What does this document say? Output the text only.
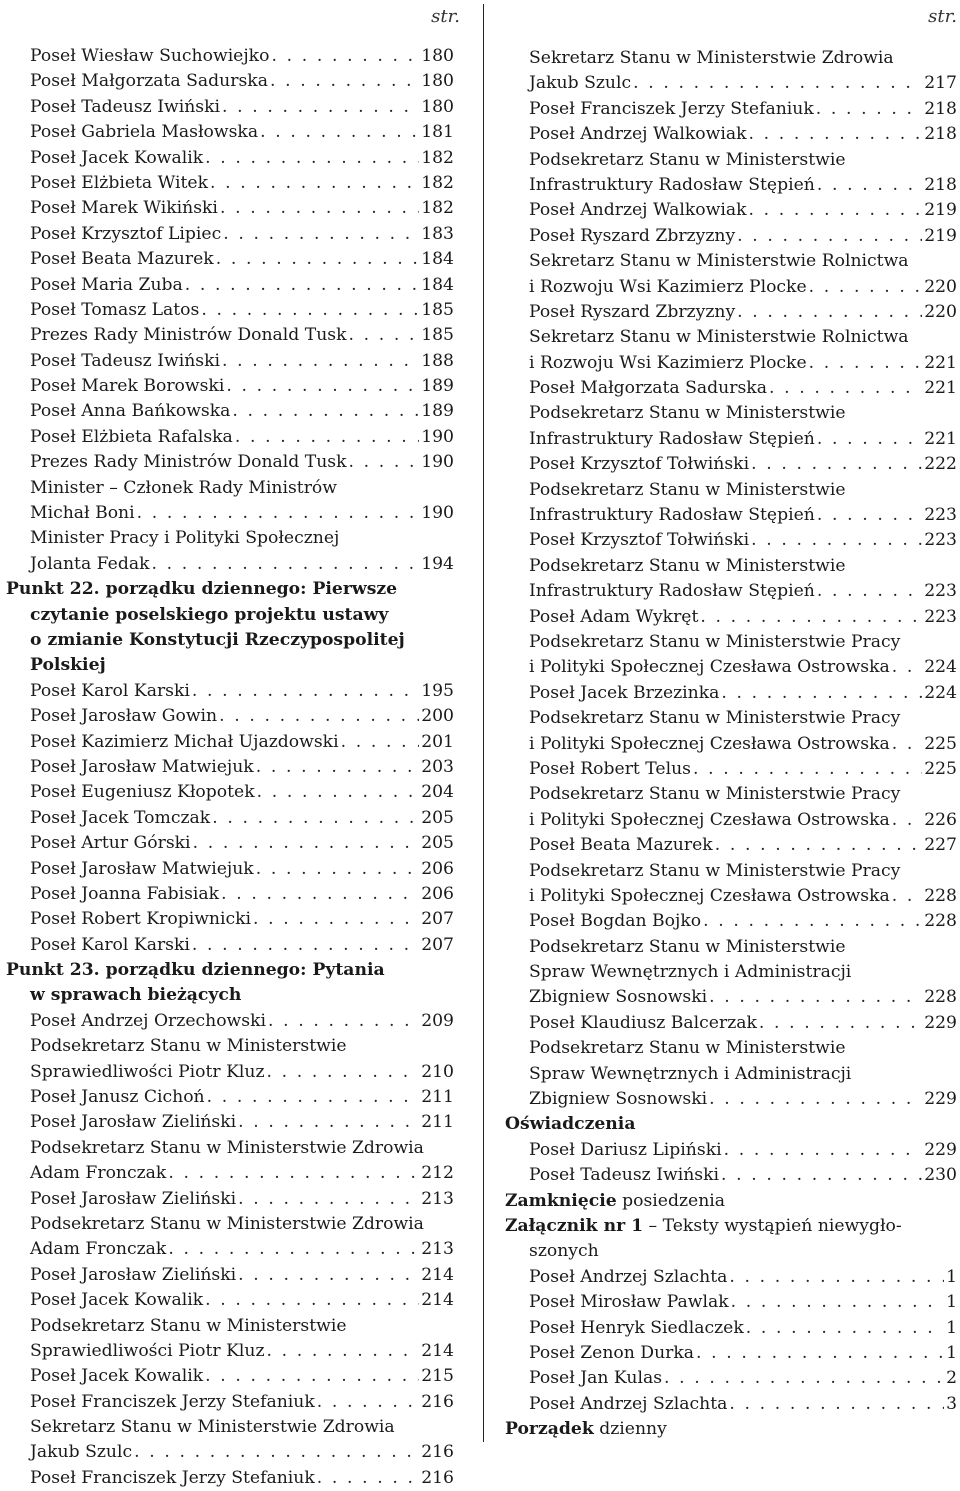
str.
Poseł Wiesław Suchowiejko . . .	180
Poseł Małgorzata Sadurska . . .	180
Poseł Tadeusz Iwiński . . .	180
Poseł Gabriela Masłowska . . .	181
Poseł Jacek Kowalik . . .	182
Poseł Elżbieta Witek . . .	182
Poseł Marek Wikiński . . .	182
Poseł Krzysztof Lipiec . . .	183
Poseł Beata Mazurek . . .	184
Poseł Maria Zuba . . .	184
Poseł Tomasz Latos . . .	185
Prezes Rady Ministrów Donald Tusk . . .	185
Poseł Tadeusz Iwiński . . .	188
Poseł Marek Borowski . . .	189
Poseł Anna Bańkowska . . .	189
Poseł Elżbieta Rafalska . . .	190
Prezes Rady Ministrów Donald Tusk . . .	190
Minister – Członek Rady Ministrów
Michał Boni . . .	190
Minister Pracy i Polityki Społecznej
Jolanta Fedak . . .	194
Punkt 22. porządku dziennego: Pierwsze
czytanie poselskiego projektu ustawy
o zmianie Konstytucji Rzeczypospolitej
Polskiej
Poseł Karol Karski . . .	195
Poseł Jarosław Gowin . . .	200
Poseł Kazimierz Michał Ujazdowski . . .	201
Poseł Jarosław Matwiejuk . . .	203
Poseł Eugeniusz Kłopotek . . .	204
Poseł Jacek Tomczak . . .	205
Poseł Artur Górski . . .	205
Poseł Jarosław Matwiejuk . . .	206
Poseł Joanna Fabisiak . . .	206
Poseł Robert Kropiwnicki . . .	207
Poseł Karol Karski . . .	207
Punkt 23. porządku dziennego: Pytania
w sprawach bieżących
Poseł Andrzej Orzechowski . . .	209
Podsekretarz Stanu w Ministerstwie
Sprawiedliwości Piotr Kluz . . .	210
Poseł Janusz Cichoń . . .	211
Poseł Jarosław Zieliński . . .	211
Podsekretarz Stanu w Ministerstwie Zdrowia
Adam Fronczak . . .	212
Poseł Jarosław Zieliński . . .	213
Podsekretarz Stanu w Ministerstwie Zdrowia
Adam Fronczak . . .	213
Poseł Jarosław Zieliński . . .	214
Poseł Jacek Kowalik . . .	214
Podsekretarz Stanu w Ministerstwie
Sprawiedliwości Piotr Kluz . . .	214
Poseł Jacek Kowalik . . .	215
Poseł Franciszek Jerzy Stefaniuk . . .	216
Sekretarz Stanu w Ministerstwie Zdrowia
Jakub Szulc . . .	216
Poseł Franciszek Jerzy Stefaniuk . . .	216
str.
Sekretarz Stanu w Ministerstwie Zdrowia
Jakub Szulc . . .	217
Poseł Franciszek Jerzy Stefaniuk . . .	218
Poseł Andrzej Walkowiak . . .	218
Podsekretarz Stanu w Ministerstwie
Infrastruktury Radosław Stępień . . .	218
Poseł Andrzej Walkowiak . . .	219
Poseł Ryszard Zbrzyzny . . .	219
Sekretarz Stanu w Ministerstwie Rolnictwa
i Rozwoju Wsi Kazimierz Plocke . . .	220
Poseł Ryszard Zbrzyzny . . .	220
Sekretarz Stanu w Ministerstwie Rolnictwa
i Rozwoju Wsi Kazimierz Plocke . . .	221
Poseł Małgorzata Sadurska . . .	221
Podsekretarz Stanu w Ministerstwie
Infrastruktury Radosław Stępień . . .	221
Poseł Krzysztof Tołwiński . . .	222
Podsekretarz Stanu w Ministerstwie
Infrastruktury Radosław Stępień . . .	223
Poseł Krzysztof Tołwiński . . .	223
Podsekretarz Stanu w Ministerstwie
Infrastruktury Radosław Stępień . . .	223
Poseł Adam Wykręt . . .	223
Podsekretarz Stanu w Ministerstwie Pracy
i Polityki Społecznej Czesława Ostrowska . . . 224
Poseł Jacek Brzezinka . . .	224
Podsekretarz Stanu w Ministerstwie Pracy
i Polityki Społecznej Czesława Ostrowska . . . 225
Poseł Robert Telus . . .	225
Podsekretarz Stanu w Ministerstwie Pracy
i Polityki Społecznej Czesława Ostrowska . . . 226
Poseł Beata Mazurek . . .	227
Podsekretarz Stanu w Ministerstwie Pracy
i Polityki Społecznej Czesława Ostrowska . . . 228
Poseł Bogdan Bojko . . .	228
Podsekretarz Stanu w Ministerstwie
Spraw Wewnętrznych i Administracji
Zbigniew Sosnowski . . .	228
Poseł Klaudiusz Balcerzak . . .	229
Podsekretarz Stanu w Ministerstwie
Spraw Wewnętrznych i Administracji
Zbigniew Sosnowski . . .	229
Oświadczenia
Poseł Dariusz Lipiński . . .	229
Poseł Tadeusz Iwiński . . .	230
Zamknięcie posiedzenia
Załącznik nr 1 – Teksty wystąpień niewygło-
szonych
Poseł Andrzej Szlachta . . .	1
Poseł Mirosław Pawlak . . .	1
Poseł Henryk Siedlaczek . . .	1
Poseł Zenon Durka . . .	1
Poseł Jan Kulas . . .	2
Poseł Andrzej Szlachta . . .	3
Porządek dzienny
